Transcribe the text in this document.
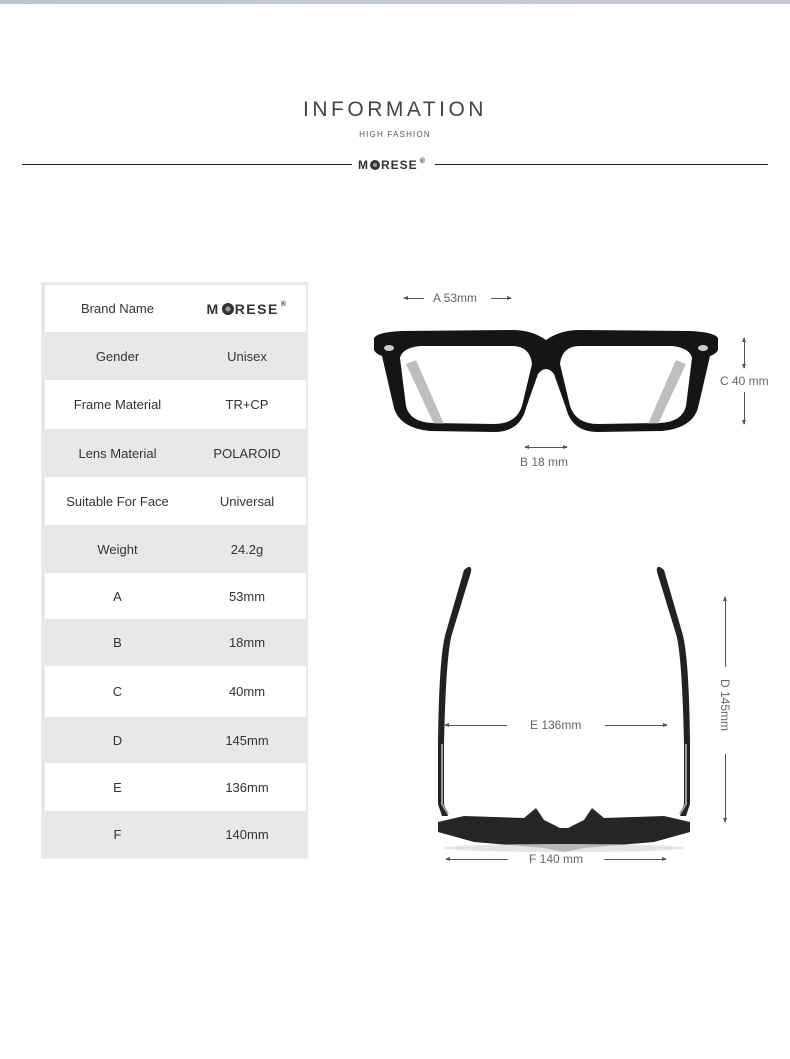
INFORMATION
HIGH FASHION
M RESE ®
Brand Name	M RESE ®
Gender	Unisex
Frame Material	TR+CP
Lens Material	POLAROID
Suitable For Face	Universal
Weight	24.2g
A	53mm
B	18mm
C	40mm
D	145mm
E	136mm
F	140mm
A 53mm
C 40 mm
B 18 mm
D 145mm
E 136mm
F 140 mm
